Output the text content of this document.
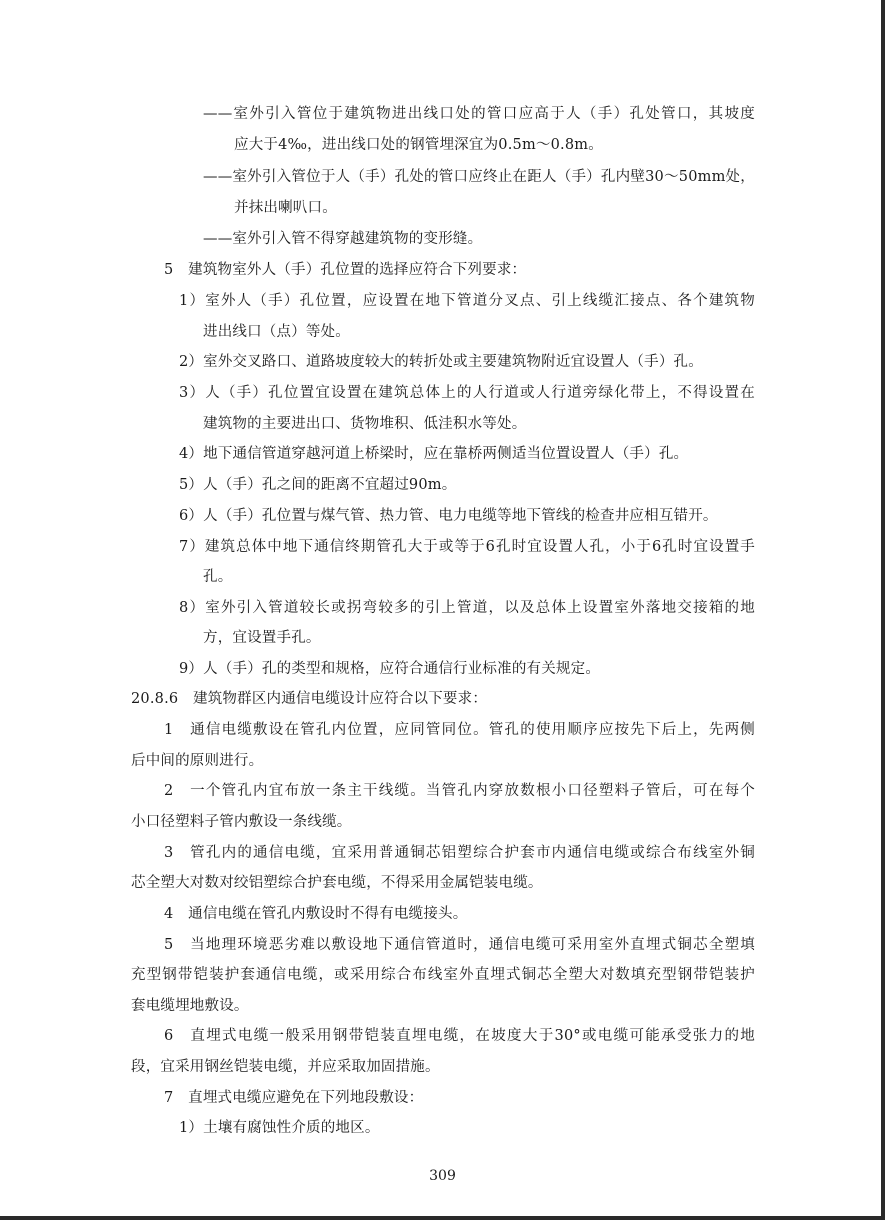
——室外引入管位于建筑物进出线口处的管口应高于人（手）孔处管口，其坡度
应大于4‰，进出线口处的钢管埋深宜为0.5m～0.8m。
——室外引入管位于人（手）孔处的管口应终止在距人（手）孔内壁30～50mm处，
并抹出喇叭口。
——室外引入管不得穿越建筑物的变形缝。
5　建筑物室外人（手）孔位置的选择应符合下列要求：
1）室外人（手）孔位置，应设置在地下管道分叉点、引上线缆汇接点、各个建筑物
进出线口（点）等处。
2）室外交叉路口、道路坡度较大的转折处或主要建筑物附近宜设置人（手）孔。
3）人（手）孔位置宜设置在建筑总体上的人行道或人行道旁绿化带上，不得设置在
建筑物的主要进出口、货物堆积、低洼积水等处。
4）地下通信管道穿越河道上桥梁时，应在靠桥两侧适当位置设置人（手）孔。
5）人（手）孔之间的距离不宜超过90m。
6）人（手）孔位置与煤气管、热力管、电力电缆等地下管线的检查井应相互错开。
7）建筑总体中地下通信终期管孔大于或等于6孔时宜设置人孔，小于6孔时宜设置手
孔。
8）室外引入管道较长或拐弯较多的引上管道，以及总体上设置室外落地交接箱的地
方，宜设置手孔。
9）人（手）孔的类型和规格，应符合通信行业标准的有关规定。
20.8.6　建筑物群区内通信电缆设计应符合以下要求：
1　通信电缆敷设在管孔内位置，应同管同位。管孔的使用顺序应按先下后上，先两侧
后中间的原则进行。
2　一个管孔内宜布放一条主干线缆。当管孔内穿放数根小口径塑料子管后，可在每个
小口径塑料子管内敷设一条线缆。
3　管孔内的通信电缆，宜采用普通铜芯铝塑综合护套市内通信电缆或综合布线室外铜
芯全塑大对数对绞铝塑综合护套电缆，不得采用金属铠装电缆。
4　通信电缆在管孔内敷设时不得有电缆接头。
5　当地理环境恶劣难以敷设地下通信管道时，通信电缆可采用室外直埋式铜芯全塑填
充型钢带铠装护套通信电缆，或采用综合布线室外直埋式铜芯全塑大对数填充型钢带铠装护
套电缆埋地敷设。
6　直埋式电缆一般采用钢带铠装直埋电缆，在坡度大于30°或电缆可能承受张力的地
段，宜采用钢丝铠装电缆，并应采取加固措施。
7　直埋式电缆应避免在下列地段敷设：
1）土壤有腐蚀性介质的地区。
309
